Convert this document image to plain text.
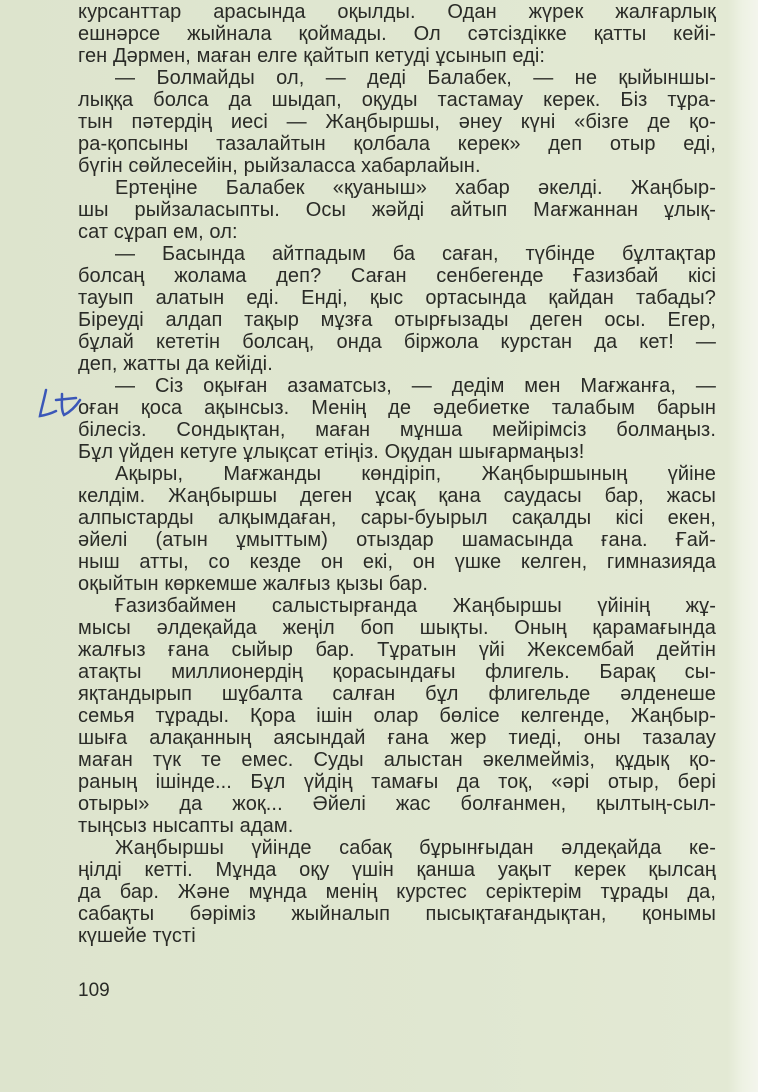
курсанттар арасында оқылды. Одан жүрек жалғарлық
ешнәрсе жыйнала қоймады. Ол сәтсіздікке қатты кейі-
ген Дәрмен, маған елге қайтып кетуді ұсынып еді:
— Болмайды ол, — деді Балабек, — не қыйыншы-
лыққа болса да шыдап, оқуды тастамау керек. Біз тұра-
тын пәтердің иесі — Жаңбыршы, әнеу күні «бізге де қо-
ра-қопсыны тазалайтын қолбала керек» деп отыр еді,
бүгін сөйлесейін, рыйзаласса хабарлайын.
Ертеңіне Балабек «қуаныш» хабар әкелді. Жаңбыр-
шы рыйзаласыпты. Осы жәйді айтып Мағжаннан ұлық-
сат сұрап ем, ол:
— Басында айтпадым ба саған, түбінде бұлтақтар
болсаң жолама деп? Саған сенбегенде Ғазизбай кісі
тауып алатын еді. Енді, қыс ортасында қайдан табады?
Біреуді алдап тақыр мұзға отырғызады деген осы. Егер,
бұлай кететін болсаң, онда біржола курстан да кет! —
деп, жатты да кейіді.
— Сіз оқыған азаматсыз, — дедім мен Мағжанға, —
оған қоса ақынсыз. Менің де әдебиетке талабым барын
білесіз. Сондықтан, маған мұнша мейірімсіз болмаңыз.
Бұл үйден кетуге ұлықсат етіңіз. Оқудан шығармаңыз!
Ақыры, Мағжанды көндіріп, Жаңбыршының үйіне
келдім. Жаңбыршы деген ұсақ қана саудасы бар, жасы
алпыстарды алқымдаған, сары-буырыл сақалды кісі екен,
әйелі (атын ұмыттым) отыздар шамасында ғана. Ғай-
ныш атты, со кезде он екі, он үшке келген, гимназияда
оқыйтын көркемше жалғыз қызы бар.
Ғазизбаймен салыстырғанда Жаңбыршы үйінің жұ-
мысы әлдеқайда жеңіл боп шықты. Оның қарамағында
жалғыз ғана сыйыр бар. Тұратын үйі Жексембай дейтін
атақты миллионердің қорасындағы флигель. Барақ сы-
яқтандырып шұбалта салған бұл флигельде әлденеше
семья тұрады. Қора ішін олар бөлісе келгенде, Жаңбыр-
шыға алақанның аясындай ғана жер тиеді, оны тазалау
маған түк те емес. Суды алыстан әкелмейміз, құдық қо-
раның ішінде... Бұл үйдің тамағы да тоқ, «әрі отыр, бері
отыры» да жоқ... Әйелі жас болғанмен, қылтың-сыл-
тыңсыз нысапты адам.
Жаңбыршы үйінде сабақ бұрынғыдан әлдеқайда ке-
ңілді кетті. Мұнда оқу үшін қанша уақыт керек қылсаң
да бар. Және мұнда менің курстес серіктерім тұрады да,
сабақты бәріміз жыйналып пысықтағандықтан, қонымы
күшейе түсті
109
